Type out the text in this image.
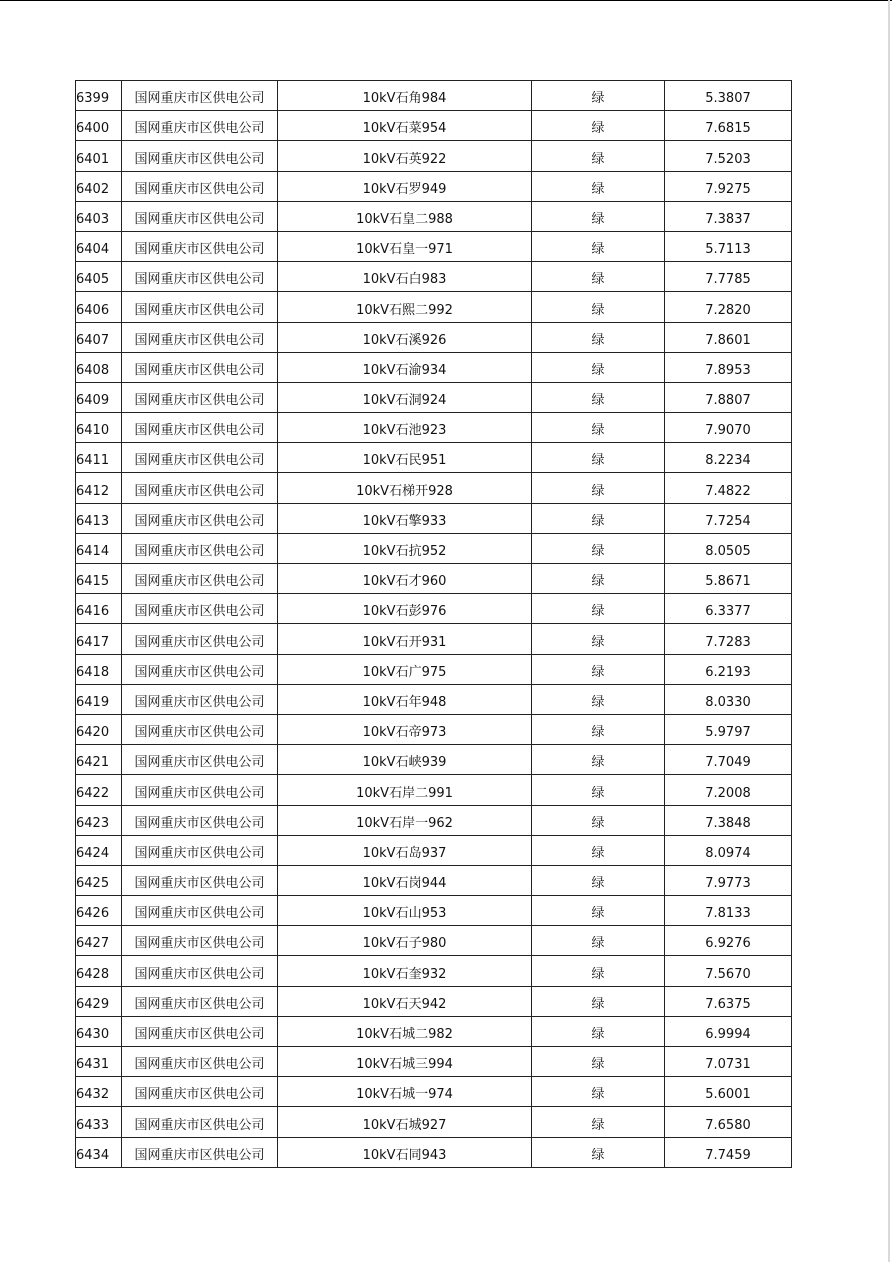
6399	国网重庆市区供电公司	10kV石角984	绿	5.3807
6400	国网重庆市区供电公司	10kV石菜954	绿	7.6815
6401	国网重庆市区供电公司	10kV石英922	绿	7.5203
6402	国网重庆市区供电公司	10kV石罗949	绿	7.9275
6403	国网重庆市区供电公司	10kV石皇二988	绿	7.3837
6404	国网重庆市区供电公司	10kV石皇一971	绿	5.7113
6405	国网重庆市区供电公司	10kV石白983	绿	7.7785
6406	国网重庆市区供电公司	10kV石熙二992	绿	7.2820
6407	国网重庆市区供电公司	10kV石溪926	绿	7.8601
6408	国网重庆市区供电公司	10kV石渝934	绿	7.8953
6409	国网重庆市区供电公司	10kV石洞924	绿	7.8807
6410	国网重庆市区供电公司	10kV石池923	绿	7.9070
6411	国网重庆市区供电公司	10kV石民951	绿	8.2234
6412	国网重庆市区供电公司	10kV石梯开928	绿	7.4822
6413	国网重庆市区供电公司	10kV石擎933	绿	7.7254
6414	国网重庆市区供电公司	10kV石抗952	绿	8.0505
6415	国网重庆市区供电公司	10kV石才960	绿	5.8671
6416	国网重庆市区供电公司	10kV石彭976	绿	6.3377
6417	国网重庆市区供电公司	10kV石开931	绿	7.7283
6418	国网重庆市区供电公司	10kV石广975	绿	6.2193
6419	国网重庆市区供电公司	10kV石年948	绿	8.0330
6420	国网重庆市区供电公司	10kV石帝973	绿	5.9797
6421	国网重庆市区供电公司	10kV石峡939	绿	7.7049
6422	国网重庆市区供电公司	10kV石岸二991	绿	7.2008
6423	国网重庆市区供电公司	10kV石岸一962	绿	7.3848
6424	国网重庆市区供电公司	10kV石岛937	绿	8.0974
6425	国网重庆市区供电公司	10kV石岗944	绿	7.9773
6426	国网重庆市区供电公司	10kV石山953	绿	7.8133
6427	国网重庆市区供电公司	10kV石子980	绿	6.9276
6428	国网重庆市区供电公司	10kV石奎932	绿	7.5670
6429	国网重庆市区供电公司	10kV石天942	绿	7.6375
6430	国网重庆市区供电公司	10kV石城二982	绿	6.9994
6431	国网重庆市区供电公司	10kV石城三994	绿	7.0731
6432	国网重庆市区供电公司	10kV石城一974	绿	5.6001
6433	国网重庆市区供电公司	10kV石城927	绿	7.6580
6434	国网重庆市区供电公司	10kV石同943	绿	7.7459
